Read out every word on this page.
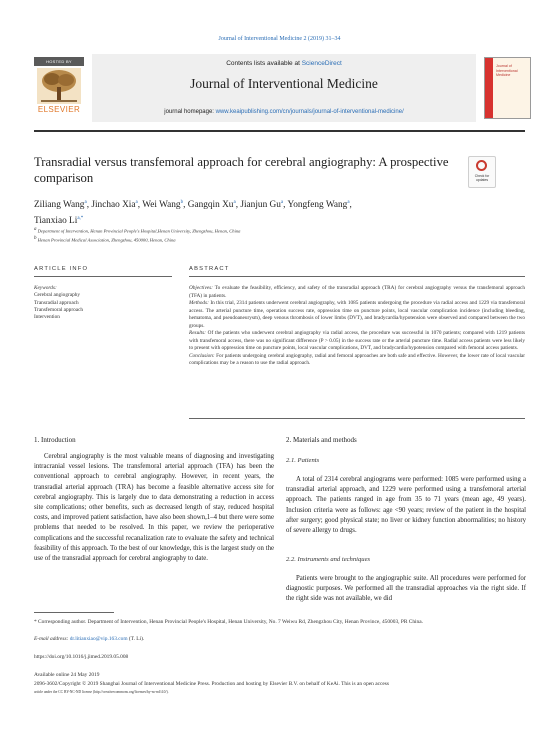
Journal of Interventional Medicine 2 (2019) 31–34
HOSTED BY
ELSEVIER
Contents lists available at ScienceDirect
Journal of Interventional Medicine
journal homepage: www.keaipublishing.com/cn/journals/journal-of-interventional-medicine/
Journal of Interventional Medicine
Transradial versus transfemoral approach for cerebral angiography: A prospective comparison	Check for updates
Ziliang Wang$^a$, Jinchao Xia$^a$, Wei Wang$^b$, Gangqin Xu$^a$, Jianjun Gu$^a$, Yongfeng Wang$^a$,
Tianxiao $Li^{a,*}$
$^a$ Department of Intervention, Henan Provincial People's Hospital,Henan University, Zhengzhou, Henan, China
$^b$ Henan Provincial Medical Association, Zhengzhou, 450000, Henan, China
ARTICLE INFO	ABSTRACT
Keywords:
Cerebral angiography
Transradial approach
Transfemoral approach
Intervention

Objectives: To evaluate the feasibility, efficiency, and safety of the transradial approach (TRA) for cerebral angiography versus the transfemoral approach (TFA) in patients.

Methods: In this trial, 2314 patients underwent cerebral angiography, with 1085 patients undergoing the procedure via radial access and 1229 via transfemoral access. The arterial puncture time, operation success rate, oppression time on puncture points, local vascular complication incidence (including bleeding, hematoma, and pseudoaneurysm), deep venous thrombosis of lower limbs (DVT), and bradycardia/hypotension were observed and compared between the two groups.

Results: Of the patients who underwent cerebral angiography via radial access, the procedure was successful in 1070 patients; compared with 1219 patients with transfemoral access, there was no significant difference (P > 0.05) in the success rate or the arterial puncture time. Radial access patients were less likely to present with oppression time on puncture points, local vascular complications, DVT, and bradycardia/hypotension compared with femoral access patients.

Conclusion: For patients undergoing cerebral angiography, radial and femoral approaches are both safe and effective. However, the lower rate of local vascular complications may be a reason to use the radial approach.

1. Introduction

Cerebral angiography is the most valuable means of diagnosing and investigating intracranial vessel lesions. The transfemoral arterial approach (TFA) has been the conventional approach to cerebral angiography. However, in recent years, the transradial arterial approach (TRA) has become a feasible alternative access site for cerebral angiography. This is largely due to data demonstrating a reduction in access site complications; other benefits, such as decreased length of stay, reduced hospital costs, and improved patient satisfaction, have also been shown,1–4 but there were some problems that needed to be resolved. In this paper, we review the perioperative complications and the successful recanalization rate to evaluate the safety and technical feasibility of this approach. To the best of our knowledge, this is the largest study on the use of the transradial approach for cerebral angiography to date.

2. Materials and methods
2.1. Patients

A total of 2314 cerebral angiograms were performed: 1085 were performed using a transradial arterial approach, and 1229 were performed using a transfemoral arterial approach. The patients ranged in age from 35 to 71 years (mean age, 49 years). Inclusion criteria were as follows: age <90 years; review of the patient in the hospital after surgery; good physical state; no liver or kidney function abnormalities; no history of severe allergy to drugs.

2.2. Instruments and techniques

Patients were brought to the angiographic suite. All procedures were performed for diagnostic purposes. We performed all the transradial approaches via the right side. If the right side was not available, we did

* Corresponding author. Department of Intervention, Henan Provincial People's Hospital, Henan University, No. 7 Weiwu Rd, Zhengzhou City, Henan Province, 450003, PR China.
E-mail address: dr.litianxiao@vip.163.com (T. Li).
https://doi.org/10.1016/j.jimed.2019.05.008
Available online 24 May 2019
2096-3602/Copyright © 2019 Shanghai Journal of Interventional Medicine Press. Production and hosting by Elsevier B.V. on behalf of KeAi. This is an open access
article under the CC BY-NC-ND license (http://creativecommons.org/licenses/by-nc-nd/4.0/).
